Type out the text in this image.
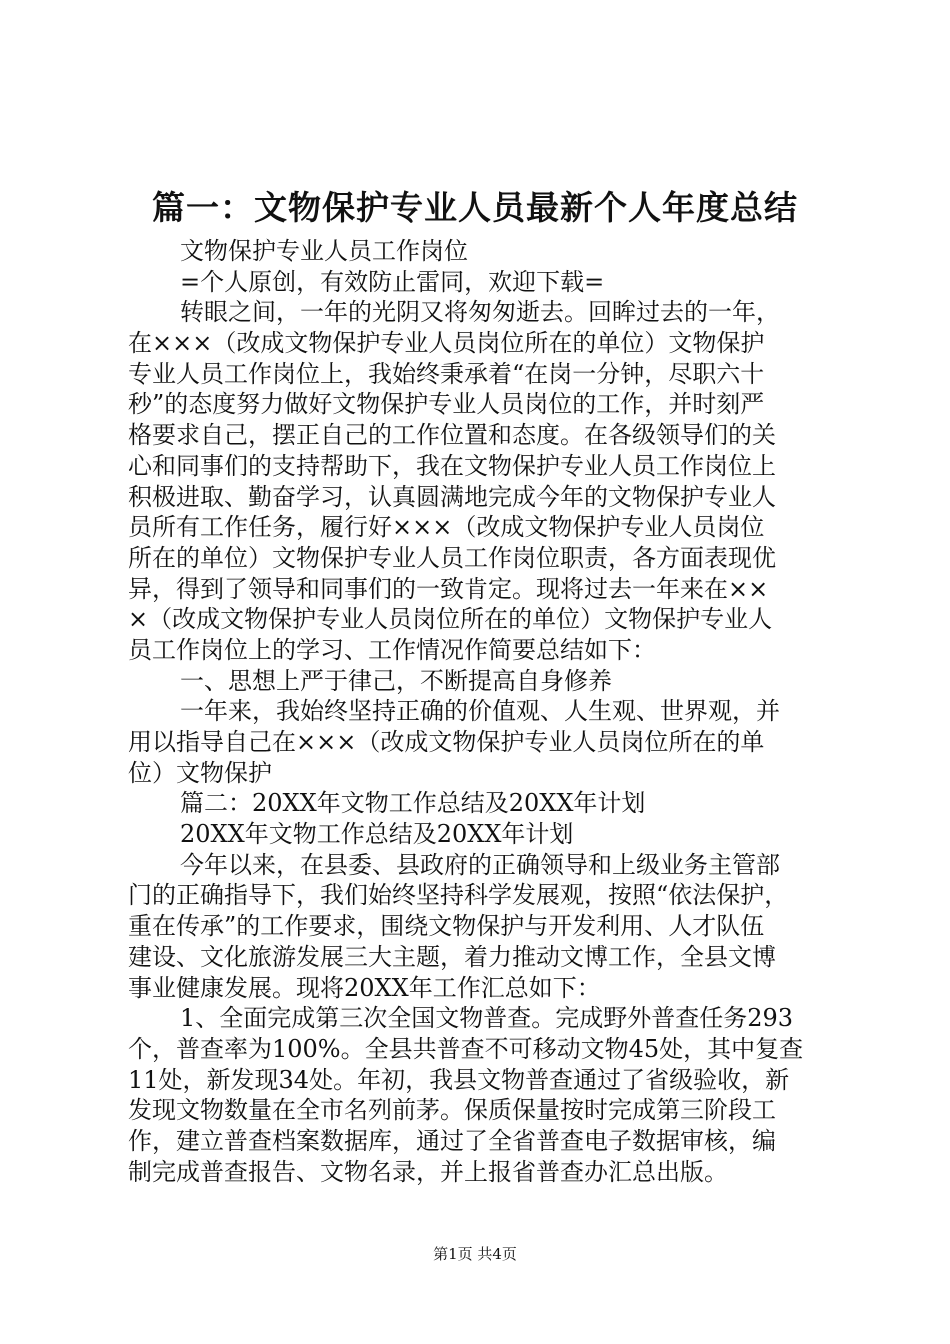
篇一：文物保护专业人员最新个人年度总结
文物保护专业人员工作岗位
=个人原创，有效防止雷同，欢迎下载=
转眼之间，一年的光阴又将匆匆逝去。回眸过去的一年，
在×××（改成文物保护专业人员岗位所在的单位）文物保护
专业人员工作岗位上，我始终秉承着“在岗一分钟，尽职六十
秒”的态度努力做好文物保护专业人员岗位的工作，并时刻严
格要求自己，摆正自己的工作位置和态度。在各级领导们的关
心和同事们的支持帮助下，我在文物保护专业人员工作岗位上
积极进取、勤奋学习，认真圆满地完成今年的文物保护专业人
员所有工作任务，履行好×××（改成文物保护专业人员岗位
所在的单位）文物保护专业人员工作岗位职责，各方面表现优
异，得到了领导和同事们的一致肯定。现将过去一年来在××
×（改成文物保护专业人员岗位所在的单位）文物保护专业人
员工作岗位上的学习、工作情况作简要总结如下：
一、思想上严于律己，不断提高自身修养
一年来，我始终坚持正确的价值观、人生观、世界观，并
用以指导自己在×××（改成文物保护专业人员岗位所在的单
位）文物保护
篇二：20XX年文物工作总结及20XX年计划
20XX年文物工作总结及20XX年计划
今年以来，在县委、县政府的正确领导和上级业务主管部
门的正确指导下，我们始终坚持科学发展观，按照“依法保护，
重在传承”的工作要求，围绕文物保护与开发利用、人才队伍
建设、文化旅游发展三大主题，着力推动文博工作，全县文博
事业健康发展。现将20XX年工作汇总如下：
1、全面完成第三次全国文物普查。完成野外普查任务293
个，普查率为100%。全县共普查不可移动文物45处，其中复查
11处，新发现34处。年初，我县文物普查通过了省级验收，新
发现文物数量在全市名列前茅。保质保量按时完成第三阶段工
作，建立普查档案数据库，通过了全省普查电子数据审核，编
制完成普查报告、文物名录，并上报省普查办汇总出版。
第1页 共4页
